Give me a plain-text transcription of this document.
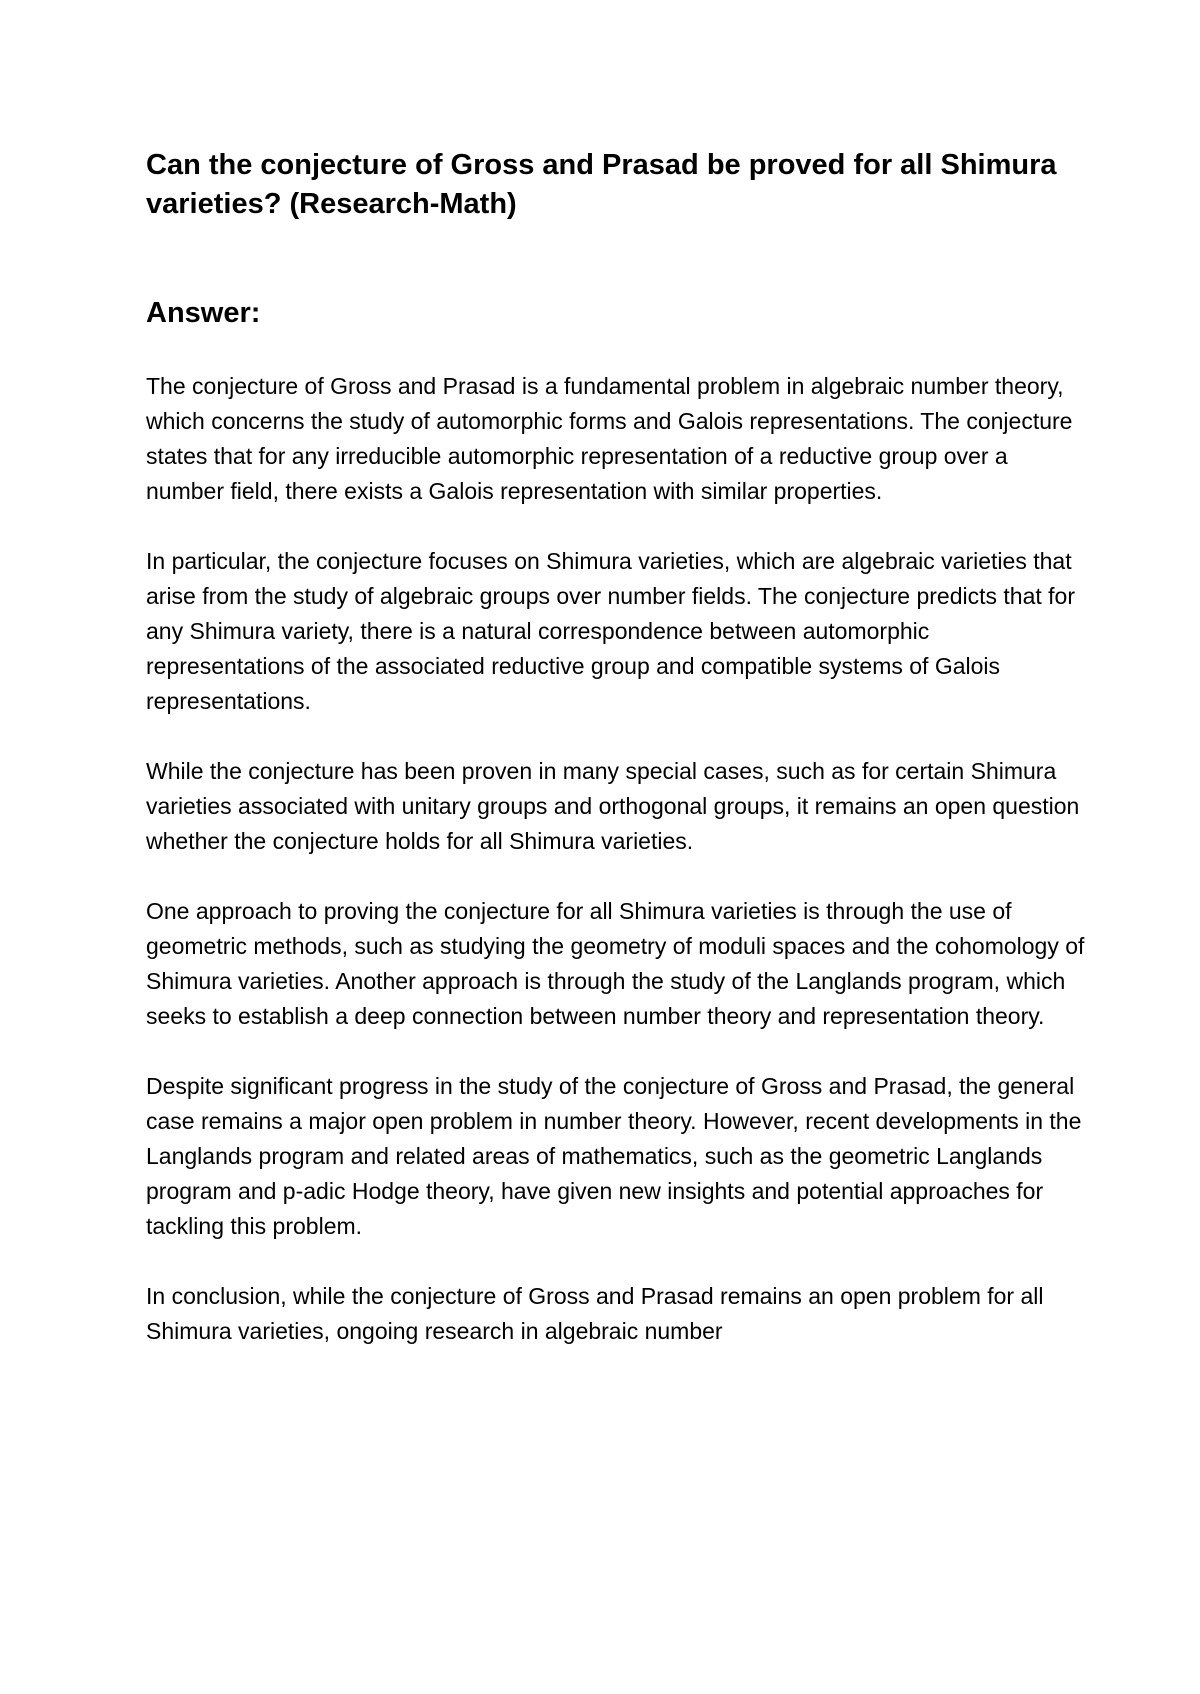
Can the conjecture of Gross and Prasad be proved for all Shimura varieties? (Research-Math)
Answer:

The conjecture of Gross and Prasad is a fundamental problem in algebraic number theory, which concerns the study of automorphic forms and Galois representations. The conjecture states that for any irreducible automorphic representation of a reductive group over a number field, there exists a Galois representation with similar properties.

In particular, the conjecture focuses on Shimura varieties, which are algebraic varieties that arise from the study of algebraic groups over number fields. The conjecture predicts that for any Shimura variety, there is a natural correspondence between automorphic representations of the associated reductive group and compatible systems of Galois representations.

While the conjecture has been proven in many special cases, such as for certain Shimura varieties associated with unitary groups and orthogonal groups, it remains an open question whether the conjecture holds for all Shimura varieties.

One approach to proving the conjecture for all Shimura varieties is through the use of geometric methods, such as studying the geometry of moduli spaces and the cohomology of Shimura varieties. Another approach is through the study of the Langlands program, which seeks to establish a deep connection between number theory and representation theory.

Despite significant progress in the study of the conjecture of Gross and Prasad, the general case remains a major open problem in number theory. However, recent developments in the Langlands program and related areas of mathematics, such as the geometric Langlands program and p-adic Hodge theory, have given new insights and potential approaches for tackling this problem.

In conclusion, while the conjecture of Gross and Prasad remains an open problem for all Shimura varieties, ongoing research in algebraic number
